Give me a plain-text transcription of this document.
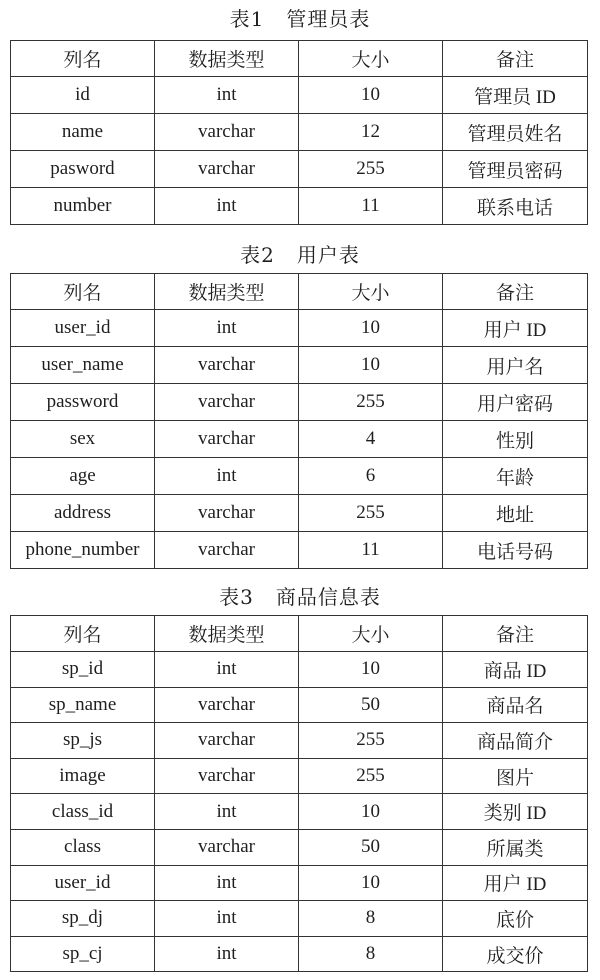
表1   管理员表
列名	数据类型	大小	备注
id	int	10	管理员 ID
name	varchar	12	管理员姓名
pasword	varchar	255	管理员密码
number	int	11	联系电话
表2   用户表
列名	数据类型	大小	备注
user_id	int	10	用户 ID
user_name	varchar	10	用户名
password	varchar	255	用户密码
sex	varchar	4	性别
age	int	6	年龄
address	varchar	255	地址
phone_number	varchar	11	电话号码
表3   商品信息表
列名	数据类型	大小	备注
sp_id	int	10	商品 ID
sp_name	varchar	50	商品名
sp_js	varchar	255	商品简介
image	varchar	255	图片
class_id	int	10	类别 ID
class	varchar	50	所属类
user_id	int	10	用户 ID
sp_dj	int	8	底价
sp_cj	int	8	成交价
